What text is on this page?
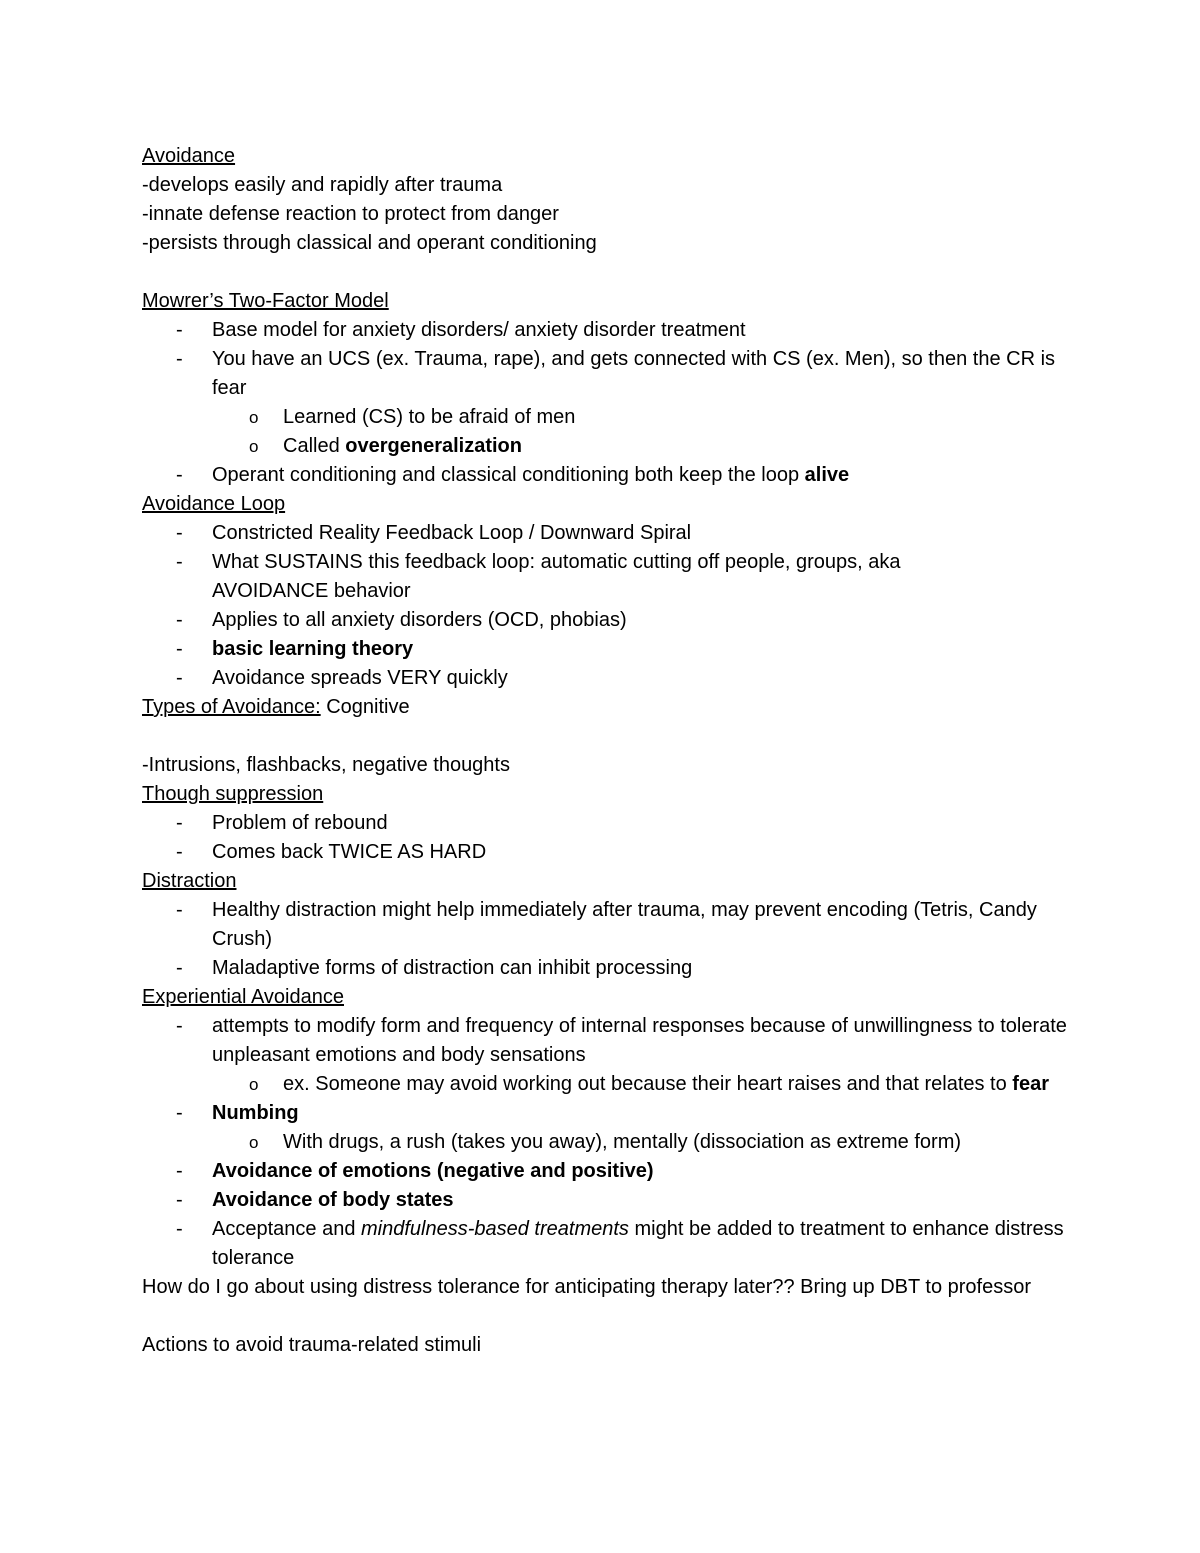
Avoidance
-develops easily and rapidly after trauma
-innate defense reaction to protect from danger
-persists through classical and operant conditioning
Mowrer’s Two-Factor Model
- Base model for anxiety disorders/ anxiety disorder treatment
- You have an UCS (ex. Trauma, rape), and gets connected with CS (ex. Men), so then the CR is fear
o Learned (CS) to be afraid of men
o Called overgeneralization
- Operant conditioning and classical conditioning both keep the loop alive
Avoidance Loop
- Constricted Reality Feedback Loop / Downward Spiral
- What SUSTAINS this feedback loop: automatic cutting off people, groups, aka AVOIDANCE behavior
- Applies to all anxiety disorders (OCD, phobias)
- basic learning theory
- Avoidance spreads VERY quickly
Types of Avoidance: Cognitive
-Intrusions, flashbacks, negative thoughts
Though suppression
- Problem of rebound
- Comes back TWICE AS HARD
Distraction
- Healthy distraction might help immediately after trauma, may prevent encoding (Tetris, Candy Crush)
- Maladaptive forms of distraction can inhibit processing
Experiential Avoidance
- attempts to modify form and frequency of internal responses because of unwillingness to tolerate unpleasant emotions and body sensations
o ex. Someone may avoid working out because their heart raises and that relates to fear
- Numbing
o With drugs, a rush (takes you away), mentally (dissociation as extreme form)
- Avoidance of emotions (negative and positive)
- Avoidance of body states
- Acceptance and mindfulness-based treatments might be added to treatment to enhance distress tolerance
How do I go about using distress tolerance for anticipating therapy later?? Bring up DBT to professor
Actions to avoid trauma-related stimuli
